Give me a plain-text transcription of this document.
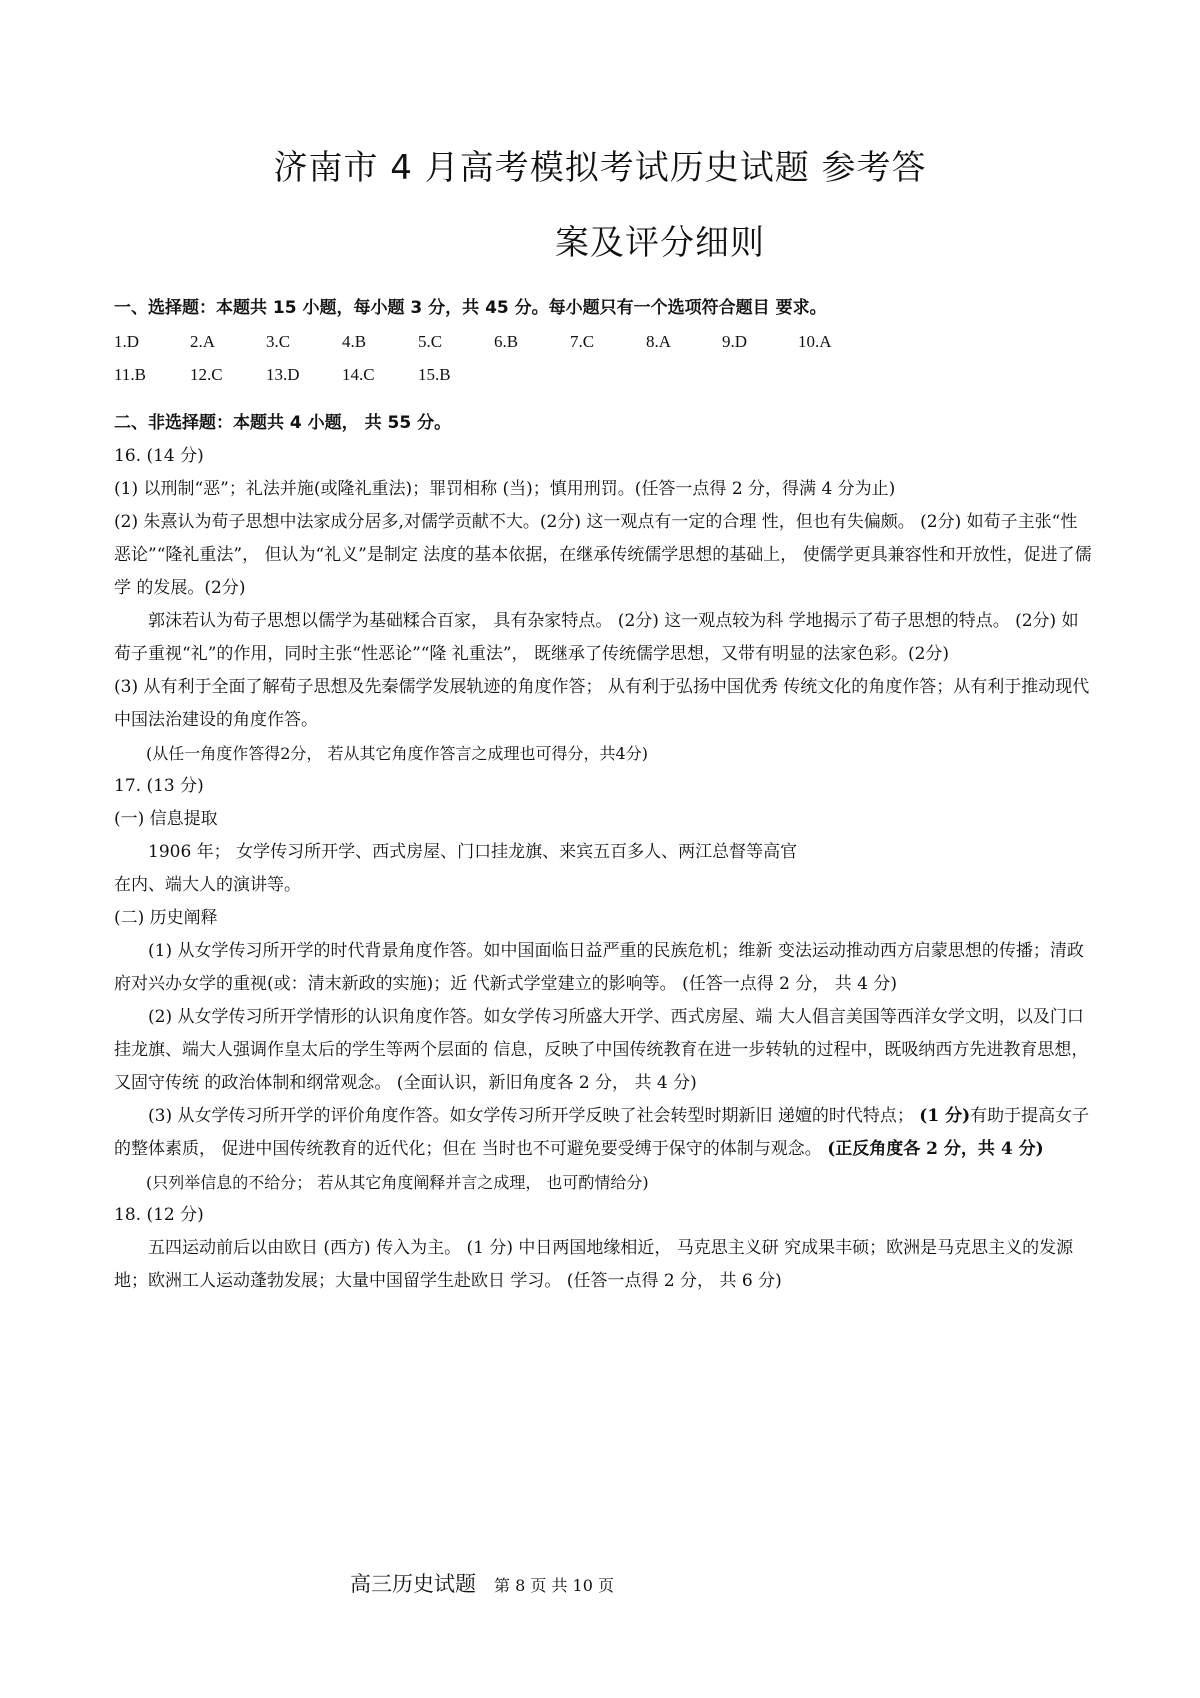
济南市 4 月高考模拟考试历史试题 参考答
案及评分细则
一、选择题：本题共 15 小题，每小题 3 分，共 45 分。每小题只有一个选项符合题目 要求。
1.D	2.A	3.C	4.B	5.C	6.B	7.C	8.A	9.D	10.A
11.B	12.C	13.D	14.C	15.B
二、非选择题：本题共 4 小题， 共 55 分。

16. (14 分)

(1) 以刑制“恶”；礼法并施(或隆礼重法)；罪罚相称 (当)；慎用刑罚。(任答一点得 2 分，得满 4 分为止)

(2) 朱熹认为荀子思想中法家成分居多,对儒学贡献不大。(2分) 这一观点有一定的合理 性，但也有失偏颇。 (2分) 如荀子主张“性恶论”“隆礼重法”， 但认为“礼义”是制定 法度的基本依据，在继承传统儒学思想的基础上， 使儒学更具兼容性和开放性，促进了儒学 的发展。(2分)

郭沫若认为荀子思想以儒学为基础糅合百家， 具有杂家特点。 (2分) 这一观点较为科 学地揭示了荀子思想的特点。 (2分) 如荀子重视“礼”的作用，同时主张“性恶论”“隆 礼重法”， 既继承了传统儒学思想，又带有明显的法家色彩。(2分)

(3) 从有利于全面了解荀子思想及先秦儒学发展轨迹的角度作答； 从有利于弘扬中国优秀 传统文化的角度作答；从有利于推动现代中国法治建设的角度作答。

(从任一角度作答得2分， 若从其它角度作答言之成理也可得分，共4分)

17. (13 分)

(一) 信息提取

1906 年； 女学传习所开学、西式房屋、门口挂龙旗、来宾五百多人、两江总督等高官

在内、端大人的演讲等。

(二) 历史阐释

(1) 从女学传习所开学的时代背景角度作答。如中国面临日益严重的民族危机；维新 变法运动推动西方启蒙思想的传播；清政府对兴办女学的重视(或：清末新政的实施)；近 代新式学堂建立的影响等。 (任答一点得 2 分， 共 4 分)

(2) 从女学传习所开学情形的认识角度作答。如女学传习所盛大开学、西式房屋、端 大人倡言美国等西洋女学文明，以及门口挂龙旗、端大人强调作皇太后的学生等两个层面的 信息，反映了中国传统教育在进一步转轨的过程中，既吸纳西方先进教育思想，又固守传统 的政治体制和纲常观念。 (全面认识，新旧角度各 2 分， 共 4 分)

(3) 从女学传习所开学的评价角度作答。如女学传习所开学反映了社会转型时期新旧 递嬗的时代特点； (1 分)有助于提高女子的整体素质， 促进中国传统教育的近代化；但在 当时也不可避免要受缚于保守的体制与观念。 (正反角度各 2 分，共 4 分)

(只列举信息的不给分； 若从其它角度阐释并言之成理， 也可酌情给分)

18. (12 分)

五四运动前后以由欧日 (西方) 传入为主。 (1 分) 中日两国地缘相近， 马克思主义研 究成果丰硕；欧洲是马克思主义的发源地；欧洲工人运动蓬勃发展；大量中国留学生赴欧日 学习。 (任答一点得 2 分， 共 6 分)

高三历史试题 第 8 页 共 10 页
